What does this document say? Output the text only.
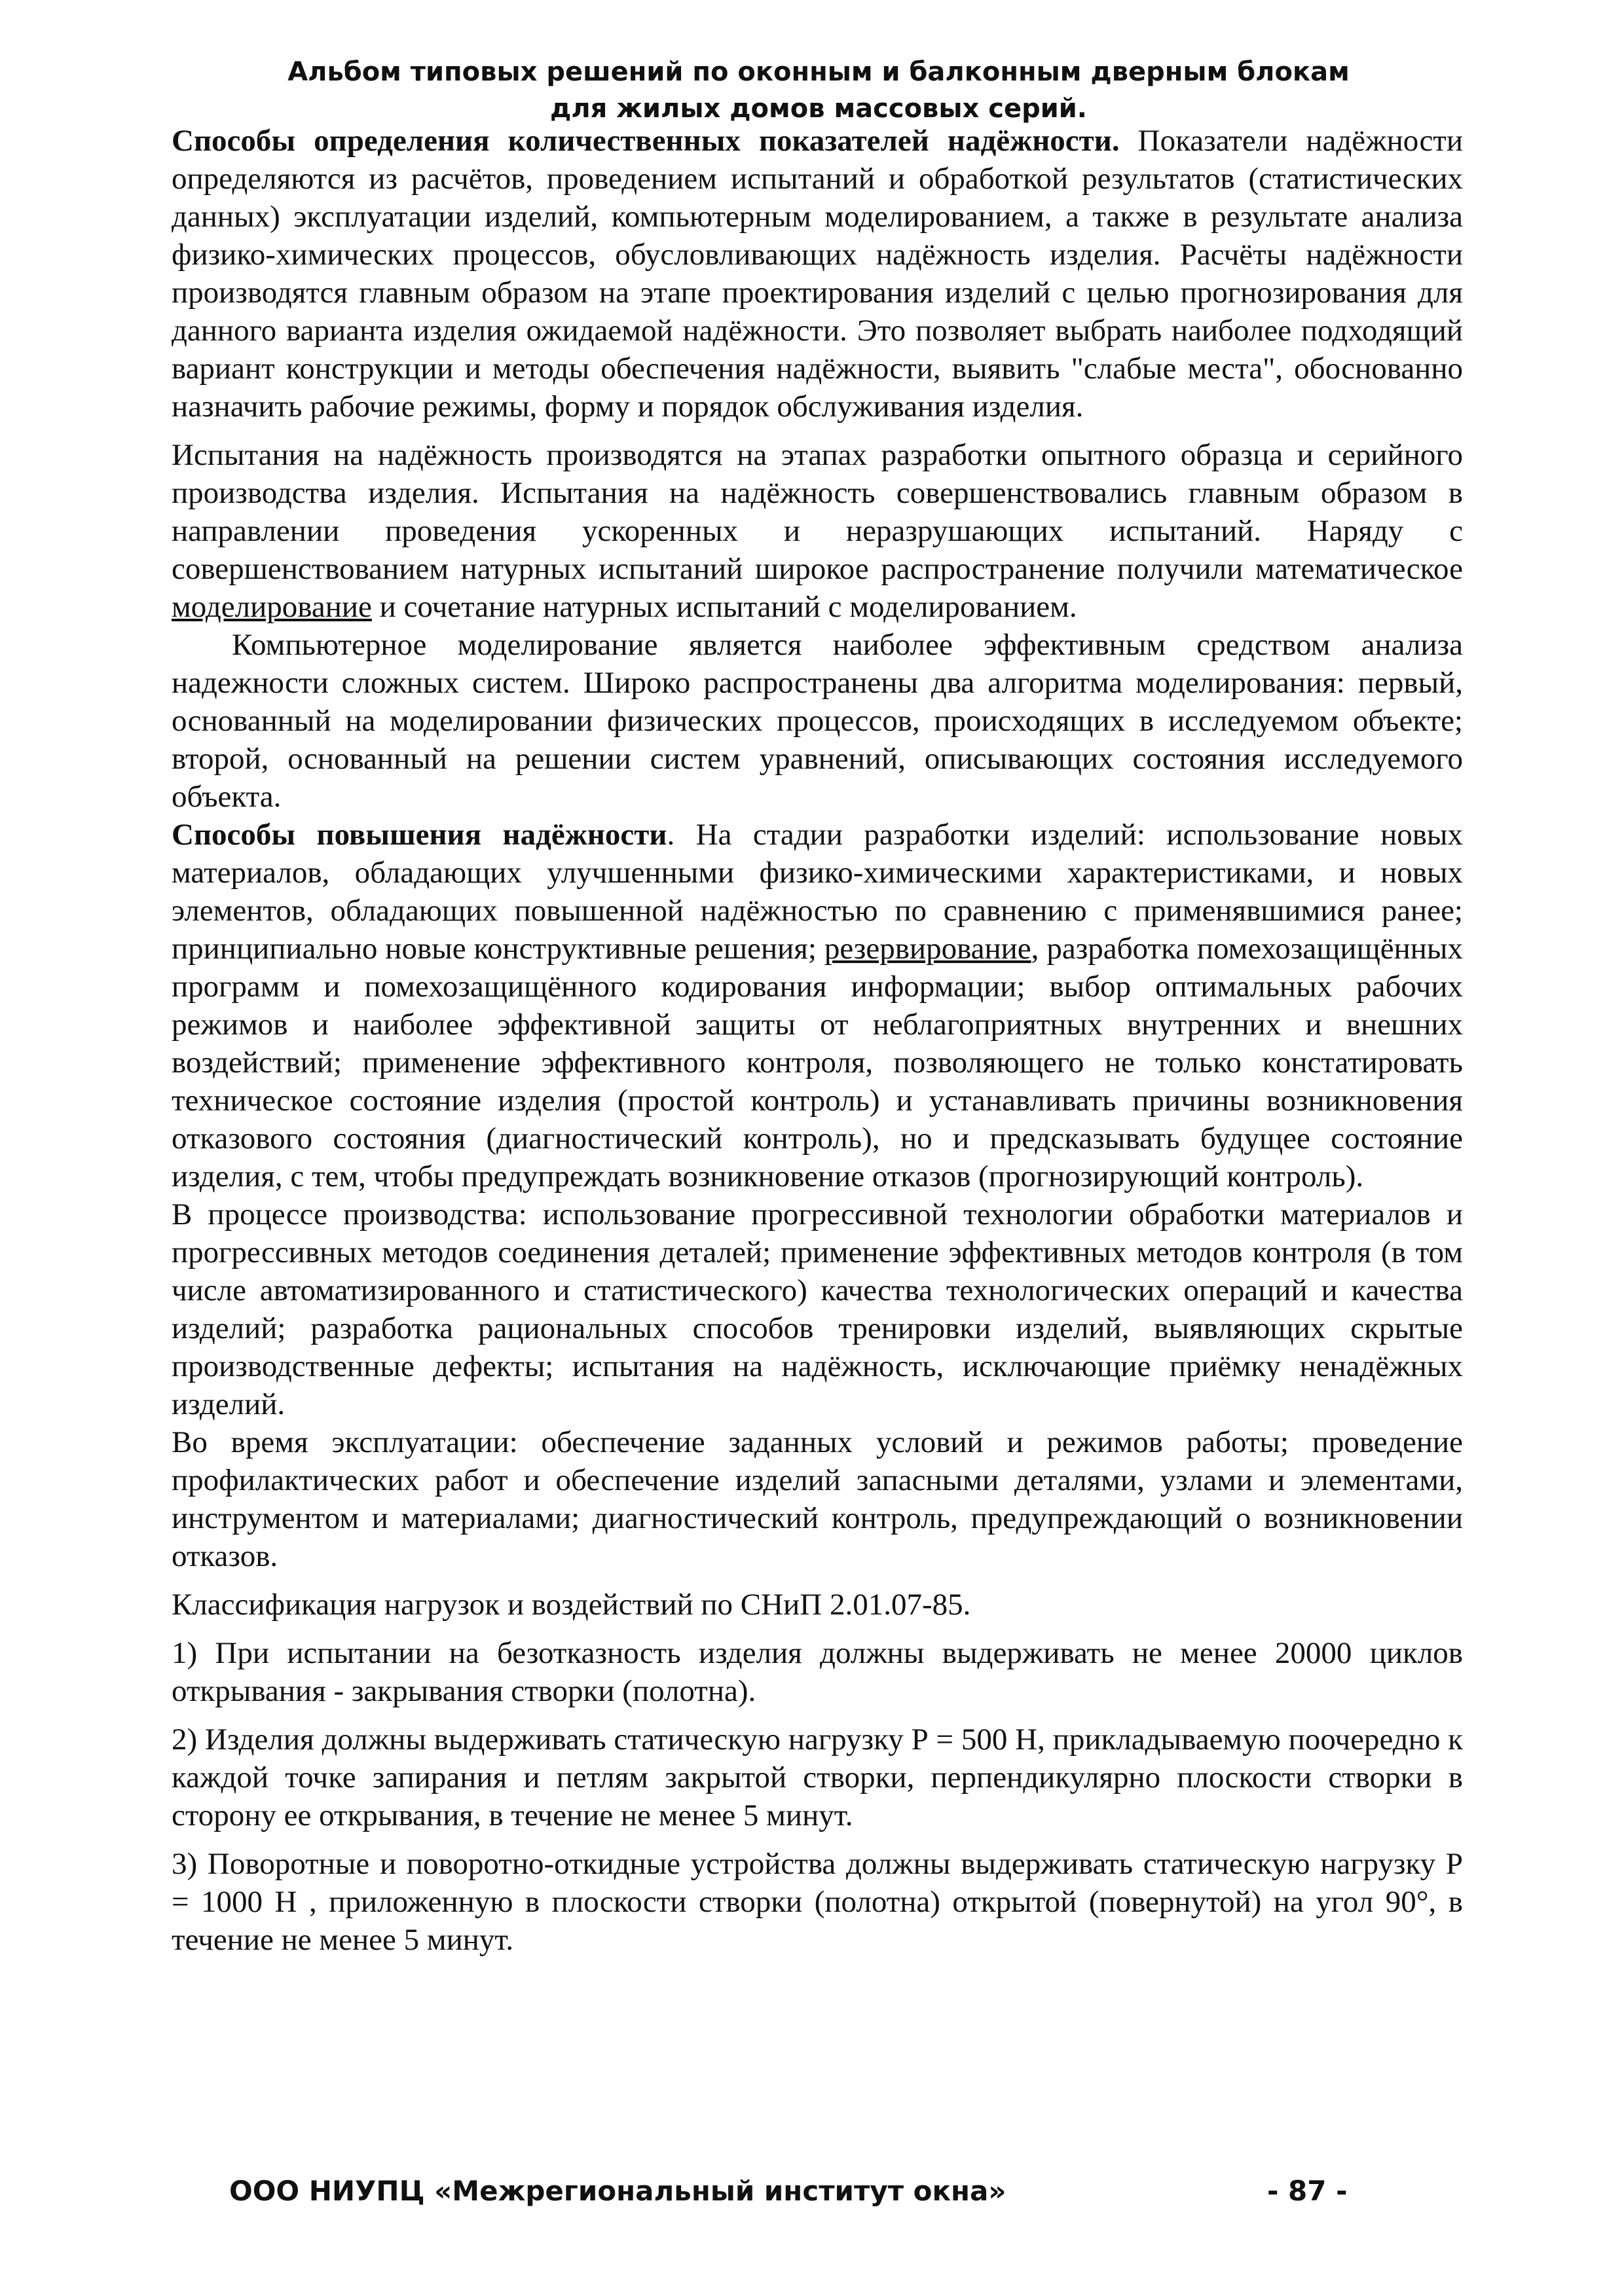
Альбом типовых решений по оконным и балконным дверным блокам
для жилых домов массовых серий.

Способы определения количественных показателей надёжности. Показатели надёжности определяются из расчётов, проведением испытаний и обработкой результатов (статистических данных) эксплуатации изделий, компьютерным моделированием, а также в результате анализа физико-химических процессов, обусловливающих надёжность изделия. Расчёты надёжности производятся главным образом на этапе проектирования изделий с целью прогнозирования для данного варианта изделия ожидаемой надёжности. Это позволяет выбрать наиболее подходящий вариант конструкции и методы обеспечения надёжности, выявить "слабые места", обоснованно назначить рабочие режимы, форму и порядок обслуживания изделия.

Испытания на надёжность производятся на этапах разработки опытного образца и серийного производства изделия. Испытания на надёжность совершенствовались главным образом в направлении проведения ускоренных и неразрушающих испытаний. Наряду с совершенствованием натурных испытаний широкое распространение получили математическое моделирование и сочетание натурных испытаний с моделированием.

Компьютерное моделирование является наиболее эффективным средством анализа надежности сложных систем. Широко распространены два алгоритма моделирования: первый, основанный на моделировании физических процессов, происходящих в исследуемом объекте; второй, основанный на решении систем уравнений, описывающих состояния исследуемого объекта.

Способы повышения надёжности. На стадии разработки изделий: использование новых материалов, обладающих улучшенными физико-химическими характеристиками, и новых элементов, обладающих повышенной надёжностью по сравнению с применявшимися ранее; принципиально новые конструктивные решения; резервирование, разработка помехозащищённых программ и помехозащищённого кодирования информации; выбор оптимальных рабочих режимов и наиболее эффективной защиты от неблагоприятных внутренних и внешних воздействий; применение эффективного контроля, позволяющего не только констатировать техническое состояние изделия (простой контроль) и устанавливать причины возникновения отказового состояния (диагностический контроль), но и предсказывать будущее состояние изделия, с тем, чтобы предупреждать возникновение отказов (прогнозирующий контроль).

В процессе производства: использование прогрессивной технологии обработки материалов и прогрессивных методов соединения деталей; применение эффективных методов контроля (в том числе автоматизированного и статистического) качества технологических операций и качества изделий; разработка рациональных способов тренировки изделий, выявляющих скрытые производственные дефекты; испытания на надёжность, исключающие приёмку ненадёжных изделий.

Во время эксплуатации: обеспечение заданных условий и режимов работы; проведение профилактических работ и обеспечение изделий запасными деталями, узлами и элементами, инструментом и материалами; диагностический контроль, предупреждающий о возникновении отказов.

Классификация нагрузок и воздействий по СНиП 2.01.07-85.

1) При испытании на безотказность изделия должны выдерживать не менее 20000 циклов открывания - закрывания створки (полотна).

2) Изделия должны выдерживать статическую нагрузку Р = 500 Н, прикладываемую поочередно к каждой точке запирания и петлям закрытой створки, перпендикулярно плоскости створки в сторону ее открывания, в течение не менее 5 минут.

3) Поворотные и поворотно-откидные устройства должны выдерживать статическую нагрузку Р = 1000 Н , приложенную в плоскости створки (полотна) открытой (повернутой) на угол 90°, в течение не менее 5 минут.

ООО НИУПЦ «Межрегиональный институт окна»	- 87 -
